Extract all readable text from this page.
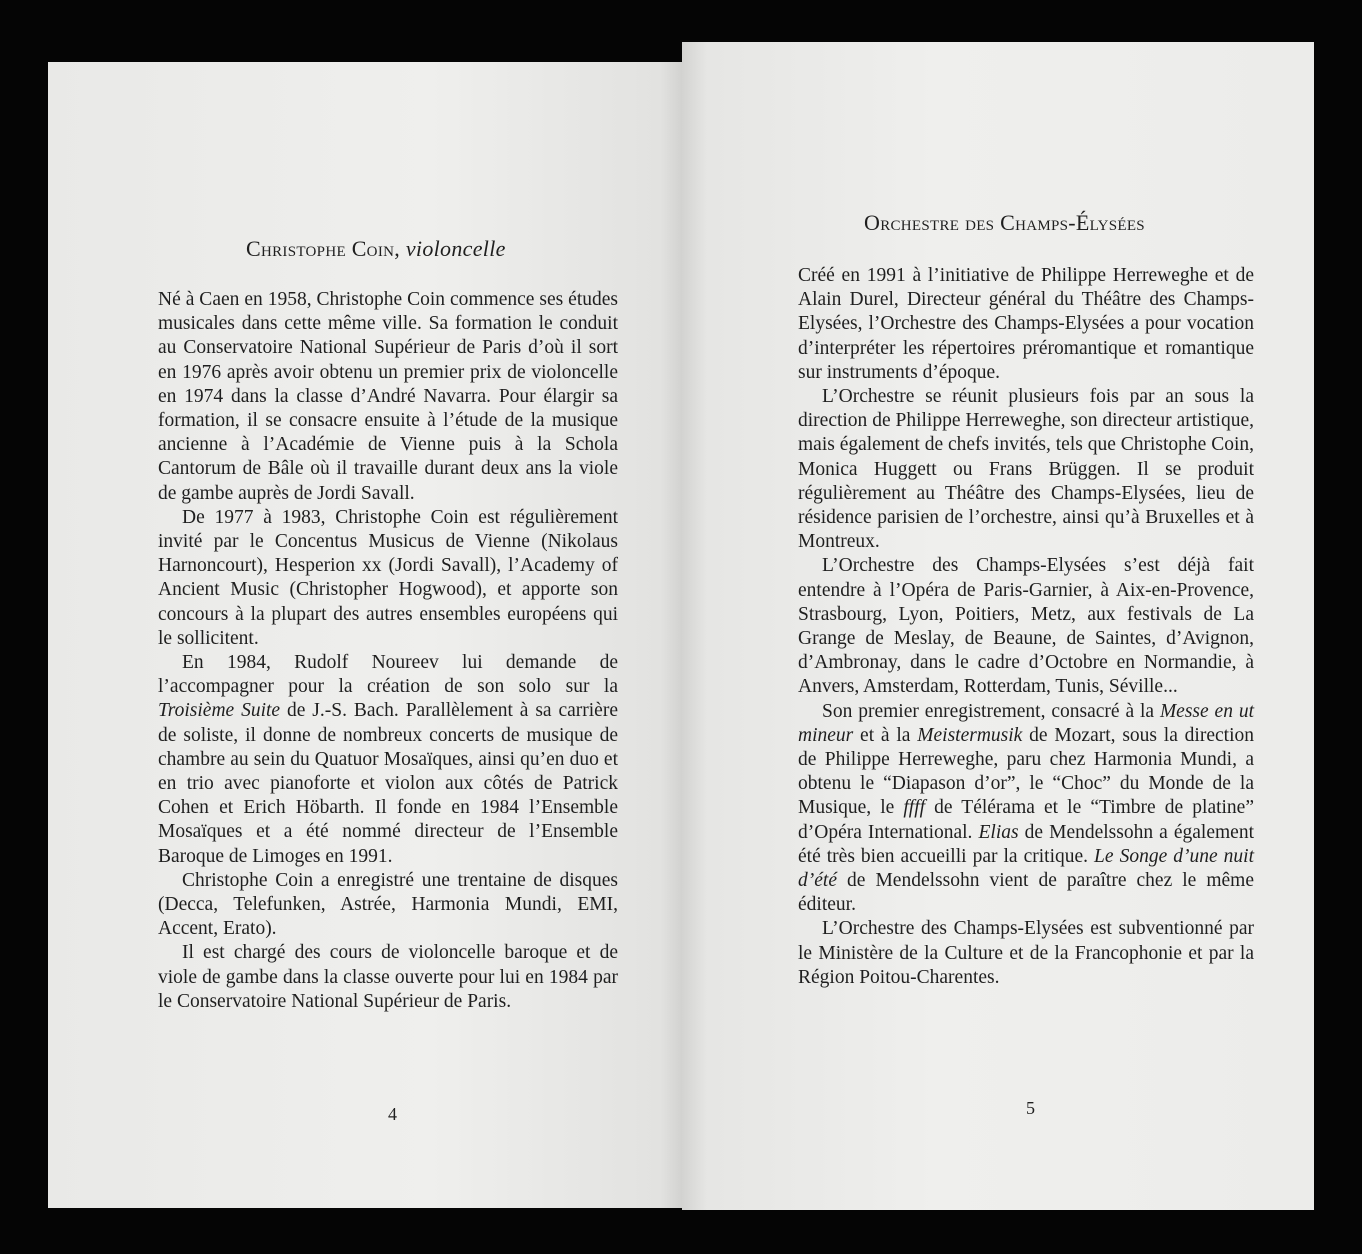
Christophe Coin, violoncelle

Né à Caen en 1958, Christophe Coin commence ses études musicales dans cette même ville. Sa formation le conduit au Conservatoire National Supérieur de Paris d’où il sort en 1976 après avoir obtenu un premier prix de violoncelle en 1974 dans la classe d’André Navarra. Pour élargir sa formation, il se consacre ensuite à l’étude de la musique ancienne à l’Académie de Vienne puis à la Schola Cantorum de Bâle où il travaille durant deux ans la viole de gambe auprès de Jordi Savall.

De 1977 à 1983, Christophe Coin est régulièrement invité par le Concentus Musicus de Vienne (Nikolaus Harnoncourt), Hesperion xx (Jordi Savall), l’Academy of Ancient Music (Christopher Hogwood), et apporte son concours à la plupart des autres ensembles européens qui le sollicitent.

En 1984, Rudolf Noureev lui demande de l’accompagner pour la création de son solo sur la Troisième Suite de J.-S. Bach. Parallèlement à sa carrière de soliste, il donne de nombreux concerts de musique de chambre au sein du Quatuor Mosaïques, ainsi qu’en duo et en trio avec pianoforte et violon aux côtés de Patrick Cohen et Erich Höbarth. Il fonde en 1984 l’Ensemble Mosaïques et a été nommé directeur de l’Ensemble Baroque de Limoges en 1991.

Christophe Coin a enregistré une trentaine de disques (Decca, Telefunken, Astrée, Harmonia Mundi, EMI, Accent, Erato).

Il est chargé des cours de violoncelle baroque et de viole de gambe dans la classe ouverte pour lui en 1984 par le Conservatoire National Supérieur de Paris.

4
Orchestre des Champs-Élysées

Créé en 1991 à l’initiative de Philippe Herreweghe et de Alain Durel, Directeur général du Théâtre des Champs-Elysées, l’Orchestre des Champs-Elysées a pour vocation d’interpréter les répertoires préromantique et romantique sur instruments d’époque.

L’Orchestre se réunit plusieurs fois par an sous la direction de Philippe Herreweghe, son directeur artistique, mais également de chefs invités, tels que Christophe Coin, Monica Huggett ou Frans Brüggen. Il se produit régulièrement au Théâtre des Champs-Elysées, lieu de résidence parisien de l’orchestre, ainsi qu’à Bruxelles et à Montreux.

L’Orchestre des Champs-Elysées s’est déjà fait entendre à l’Opéra de Paris-Garnier, à Aix-en-Provence, Strasbourg, Lyon, Poitiers, Metz, aux festivals de La Grange de Meslay, de Beaune, de Saintes, d’Avignon, d’Ambronay, dans le cadre d’Octobre en Normandie, à Anvers, Amsterdam, Rotterdam, Tunis, Séville...

Son premier enregistrement, consacré à la Messe en ut mineur et à la Meistermusik de Mozart, sous la direction de Philippe Herreweghe, paru chez Harmonia Mundi, a obtenu le “Diapason d’or”, le “Choc” du Monde de la Musique, le ffff de Télérama et le “Timbre de platine” d’Opéra International. Elias de Mendelssohn a également été très bien accueilli par la critique. Le Songe d’une nuit d’été de Mendelssohn vient de paraître chez le même éditeur.

L’Orchestre des Champs-Elysées est subventionné par le Ministère de la Culture et de la Francophonie et par la Région Poitou-Charentes.

5
